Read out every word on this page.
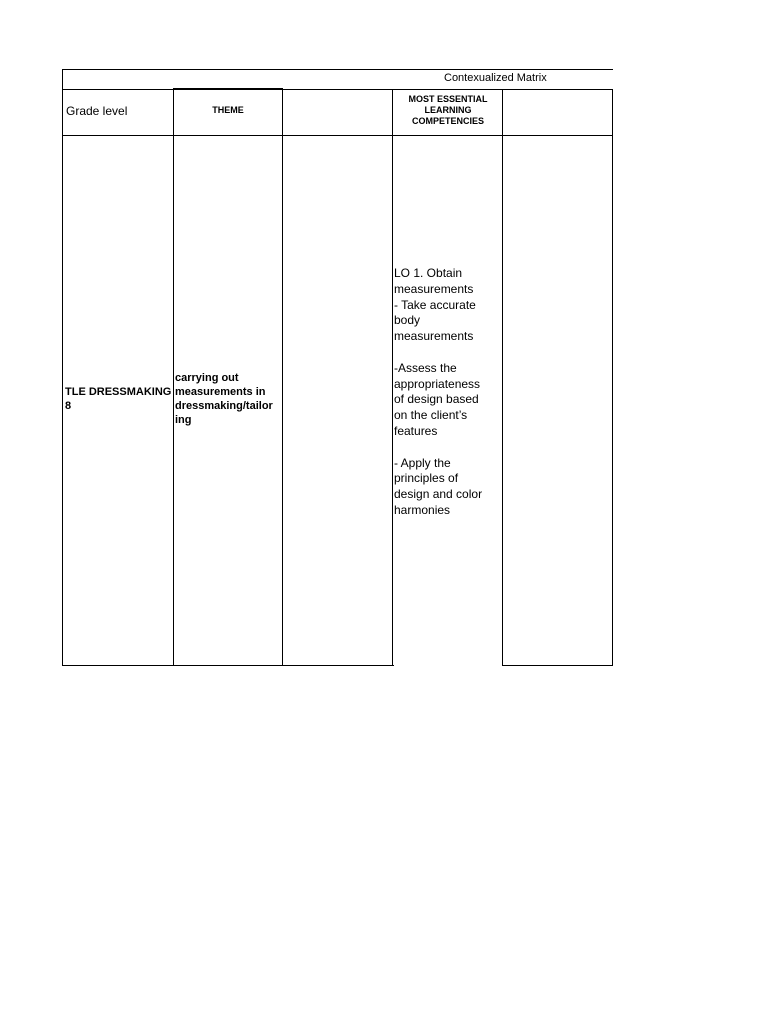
Contexualized Matrix
Grade level	THEME
MOST ESSENTIAL
LEARNING
COMPETENCIES
TLE DRESSMAKING
8
carrying out
measurements in
dressmaking/tailor
ing
LO 1. Obtain
measurements
- Take accurate
body
measurements

-Assess the
appropriateness
of design based
on the client’s
features

- Apply the
principles of
design and color
harmonies
